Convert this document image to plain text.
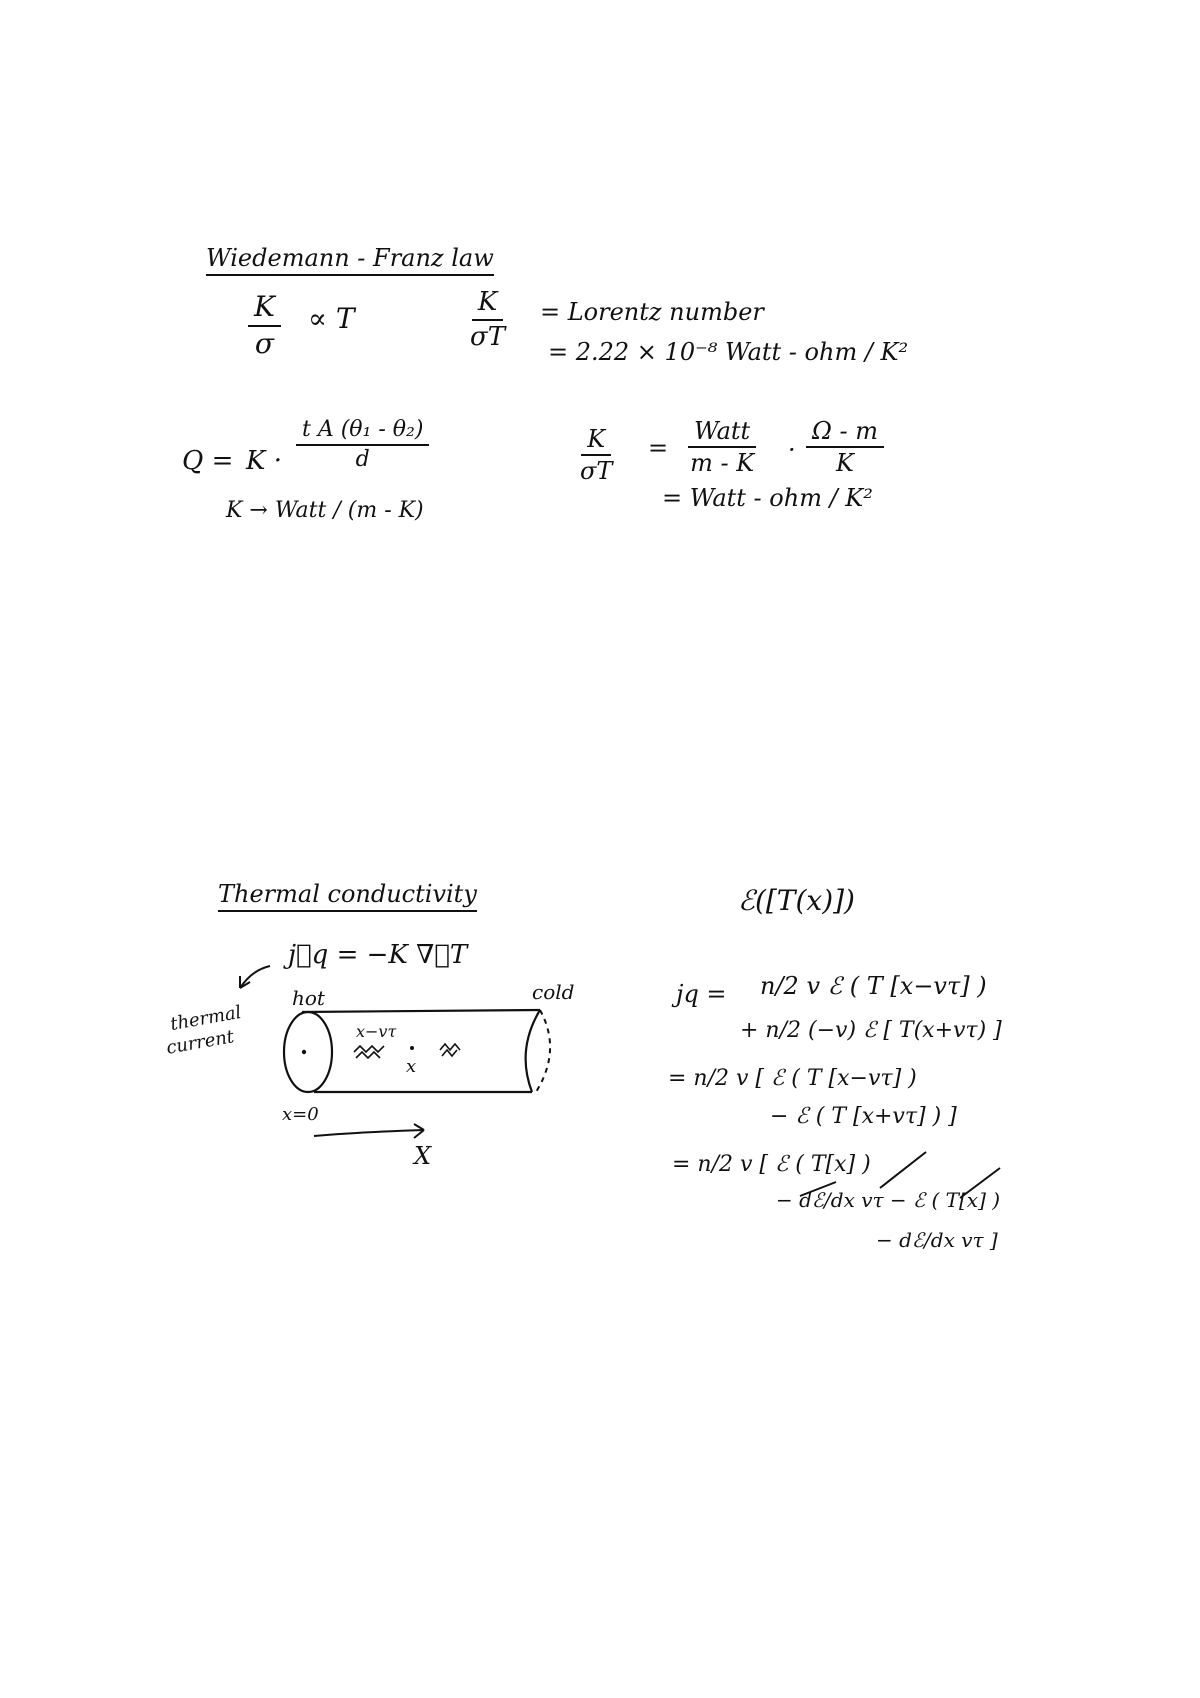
Wiedemann - Franz law
$\frac{K}{\sigma} \propto T$	$\frac{K}{\sigma T}$ = Lorentz number
= 2.22 × 10⁻⁸ Watt - ohm / K²
$Q = K \cdot \frac{\text{t A (θ₁ - θ₂)}}{d}$
K → Watt / (m - K)
$\frac{K}{\sigma T}$ =
Watt
$m - K \cdot \frac{\Omega - m}{K}$
= Watt - ohm / K²
Thermal conductivity
j⃗q = −K ∇⃗T
hot	cold
thermal
current	x−vτ
x
x=0
X
ℰ([T(x)])
jq = n/2 v ℰ ( T [x−vτ] )
+ n/2 (−v) ℰ [ T(x+vτ) ]
= n/2 v [ ℰ ( T [x−vτ] )
− ℰ ( T [x+vτ] ) ]
= n/2 v [ ℰ ( T[x] )
− dℰ/dx vτ − ℰ ( T[x] )
− dℰ/dx vτ ]
